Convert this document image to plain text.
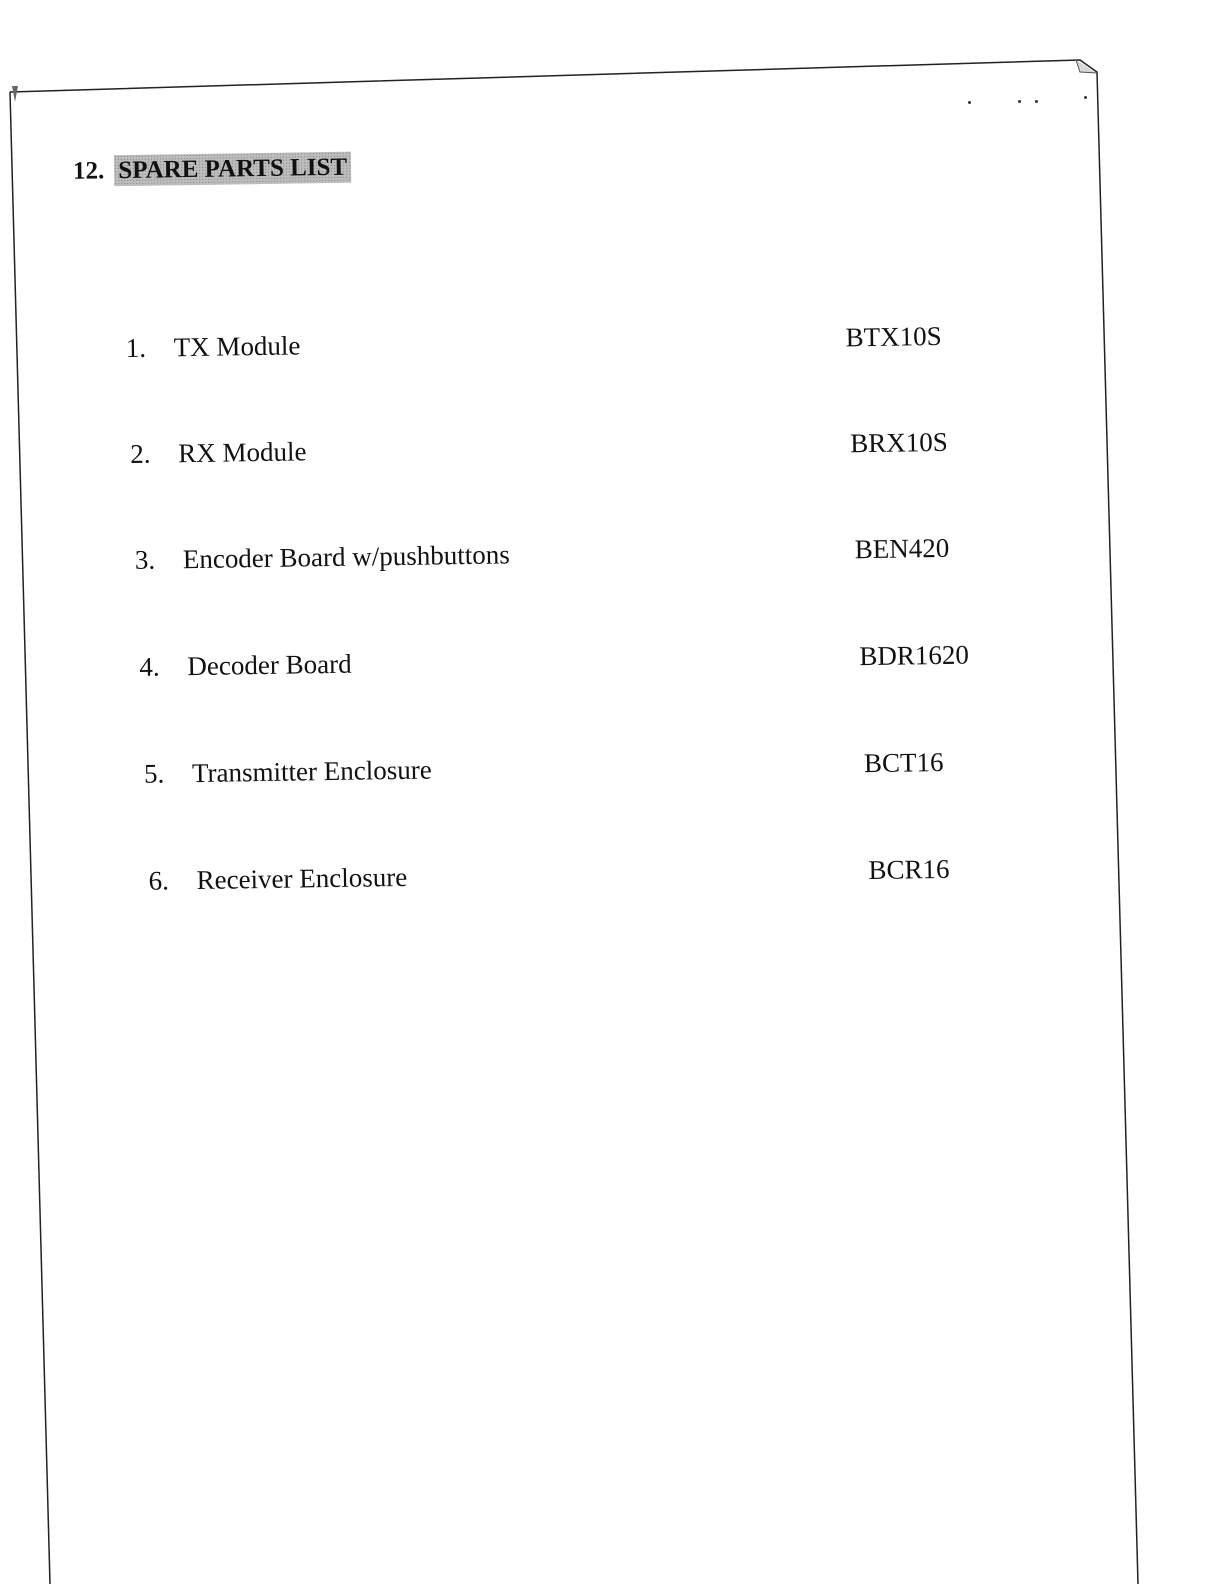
12. SPARE PARTS LIST
1. TX Module	BTX10S
2. RX Module	BRX10S
3. Encoder Board w/pushbuttons	BEN420
4. Decoder Board	BDR1620
5. Transmitter Enclosure	BCT16
6. Receiver Enclosure	BCR16
